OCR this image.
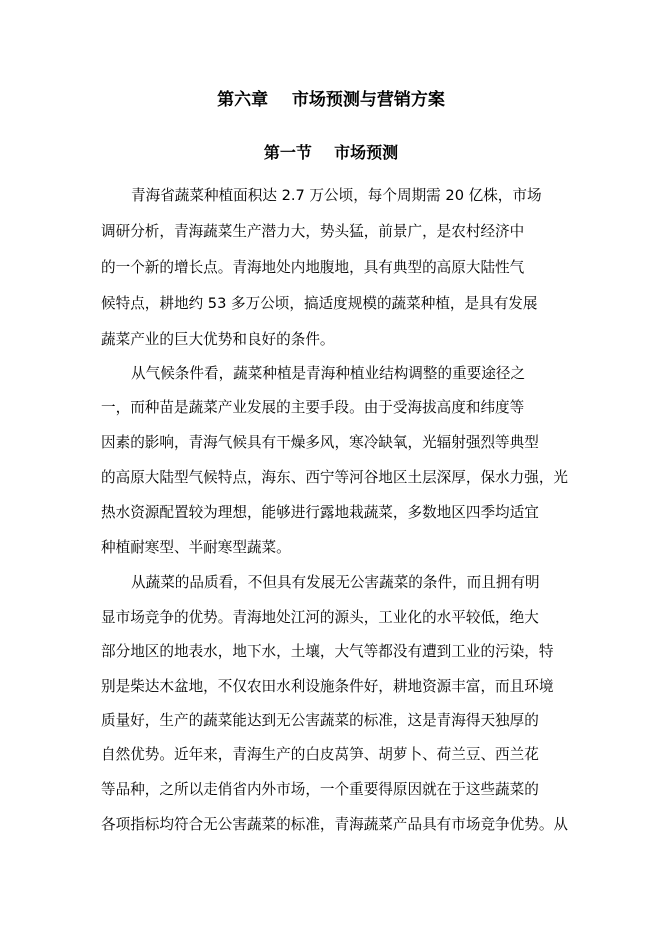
第六章    市场预测与营销方案
第一节    市场预测
青海省蔬菜种植面积达 2.7 万公顷，每个周期需 20 亿株，市场
调研分析，青海蔬菜生产潜力大，势头猛，前景广，是农村经济中
的一个新的增长点。青海地处内地腹地，具有典型的高原大陆性气
候特点，耕地约 53 多万公顷，搞适度规模的蔬菜种植，是具有发展
蔬菜产业的巨大优势和良好的条件。
从气候条件看，蔬菜种植是青海种植业结构调整的重要途径之
一，而种苗是蔬菜产业发展的主要手段。由于受海拔高度和纬度等
因素的影响，青海气候具有干燥多风，寒冷缺氧，光辐射强烈等典型
的高原大陆型气候特点，海东、西宁等河谷地区土层深厚，保水力强，光
热水资源配置较为理想，能够进行露地栽蔬菜，多数地区四季均适宜
种植耐寒型、半耐寒型蔬菜。
从蔬菜的品质看，不但具有发展无公害蔬菜的条件，而且拥有明
显市场竞争的优势。青海地处江河的源头，工业化的水平较低，绝大
部分地区的地表水，地下水，土壤，大气等都没有遭到工业的污染，特
别是柴达木盆地，不仅农田水利设施条件好，耕地资源丰富，而且环境
质量好，生产的蔬菜能达到无公害蔬菜的标准，这是青海得天独厚的
自然优势。近年来，青海生产的白皮莴笋、胡萝卜、荷兰豆、西兰花
等品种，之所以走俏省内外市场，一个重要得原因就在于这些蔬菜的
各项指标均符合无公害蔬菜的标准，青海蔬菜产品具有市场竞争优势。从
